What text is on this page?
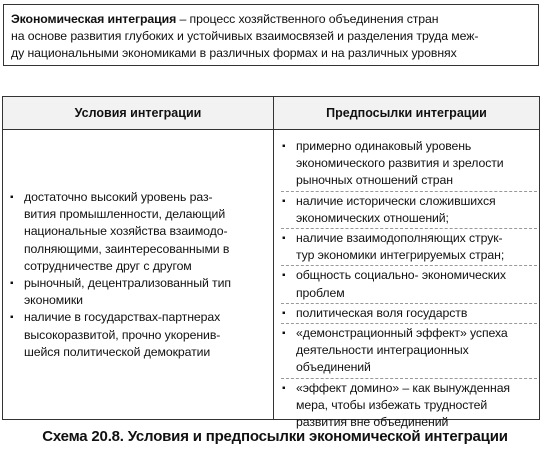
Экономическая интеграция – процесс хозяйственного объединения стран
на основе развития глубоких и устойчивых взаимосвязей и разделения труда меж-
ду национальными экономиками в различных формах и на различных уровнях
Условия интеграции	Предпосылки интеграции
▪ достаточно высокий уровень раз-
вития промышленности, делающий
национальные хозяйства взаимодо-
полняющими, заинтересованными в
сотрудничестве друг с другом
▪ рыночный, децентрализованный тип
экономики
▪ наличие в государствах-партнерах
высокоразвитой, прочно укоренив-
шейся политической демократии
▪ примерно одинаковый уровень
экономического развития и зрелости
рыночных отношений стран
▪ наличие исторически сложившихся
экономических отношений;
▪ наличие взаимодополняющих струк-
тур экономики интегрируемых стран;
▪ общность социально- экономических
проблем
▪ политическая воля государств
▪ «демонстрационный эффект» успеха
деятельности интеграционных
объединений
▪ «эффект домино» – как вынужденная
мера, чтобы избежать трудностей
развития вне объединений
Схема 20.8. Условия и предпосылки экономической интеграции
